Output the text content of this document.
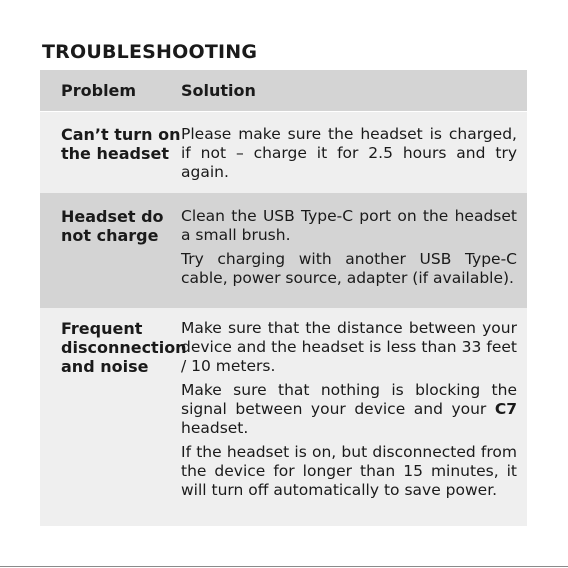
TROUBLESHOOTING
Problem	Solution
Can’t turn on the headset

Please make sure the headset is charged, if not – charge it for 2.5 hours and try again.

Headset do not charge

Clean the USB Type-C port on the headset a small brush.

Try charging with another USB Type-C cable, power source, adapter (if available).

Frequent disconnection and noise

Make sure that the distance between your device and the headset is less than 33 feet / 10 meters.

Make sure that nothing is blocking the signal between your device and your C7 headset.

If the headset is on, but disconnected from the device for longer than 15 minutes, it will turn off automatically to save power.
